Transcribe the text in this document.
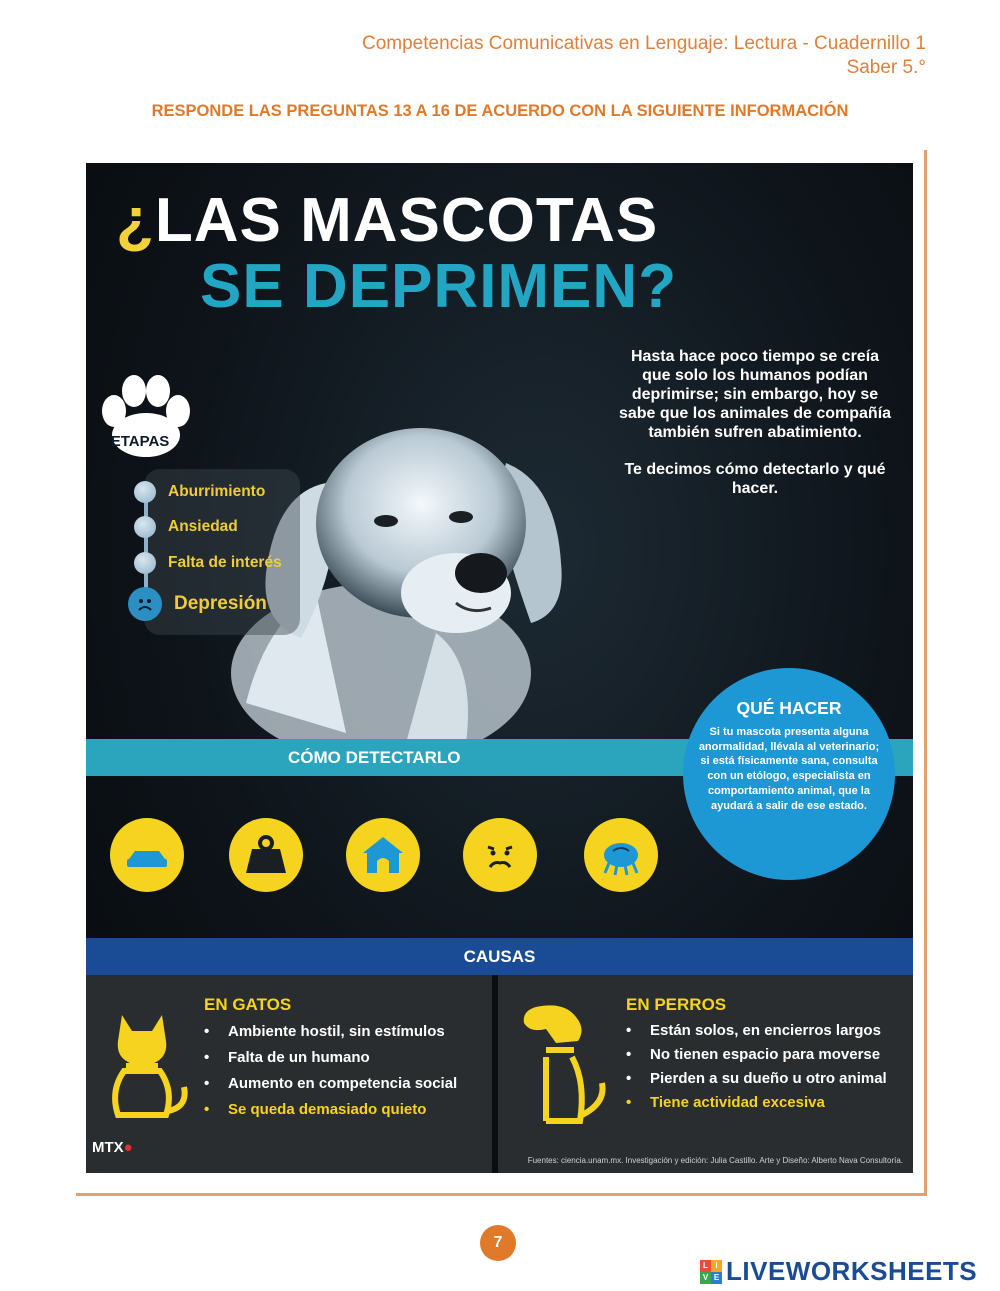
Competencias Comunicativas en Lenguaje: Lectura - Cuadernillo 1
Saber 5.°
RESPONDE LAS PREGUNTAS 13 A 16 DE ACUERDO CON LA SIGUIENTE INFORMACIÓN
¿LAS MASCOTAS
SE DEPRIMEN?

Hasta hace poco tiempo se creía que solo los humanos podían deprimirse; sin embargo, hoy se sabe que los animales de compañía también sufren abatimiento.

Te decimos cómo detectarlo y qué hacer.

ETAPAS
Aburrimiento
Ansiedad
Falta de interés
Depresión
CÓMO DETECTARLO
QUÉ HACER
Si tu mascota presenta alguna anormalidad, llévala al veterinario; si está físicamente sana, consulta con un etólogo, especialista en comportamiento animal, que la ayudará a salir de ese estado.
CAUSAS
EN GATOS
• Ambiente hostil, sin estímulos
• Falta de un humano
• Aumento en competencia social
• Se queda demasiado quieto
EN PERROS
• Están solos, en encierros largos
• No tienen espacio para moverse
• Pierden a su dueño u otro animal
• Tiene actividad excesiva
MTX●
Fuentes: ciencia.unam.mx. Investigación y edición: Julia Castillo. Arte y Diseño: Alberto Nava Consultoría.
7
L I
V E LIVEWORKSHEETS
